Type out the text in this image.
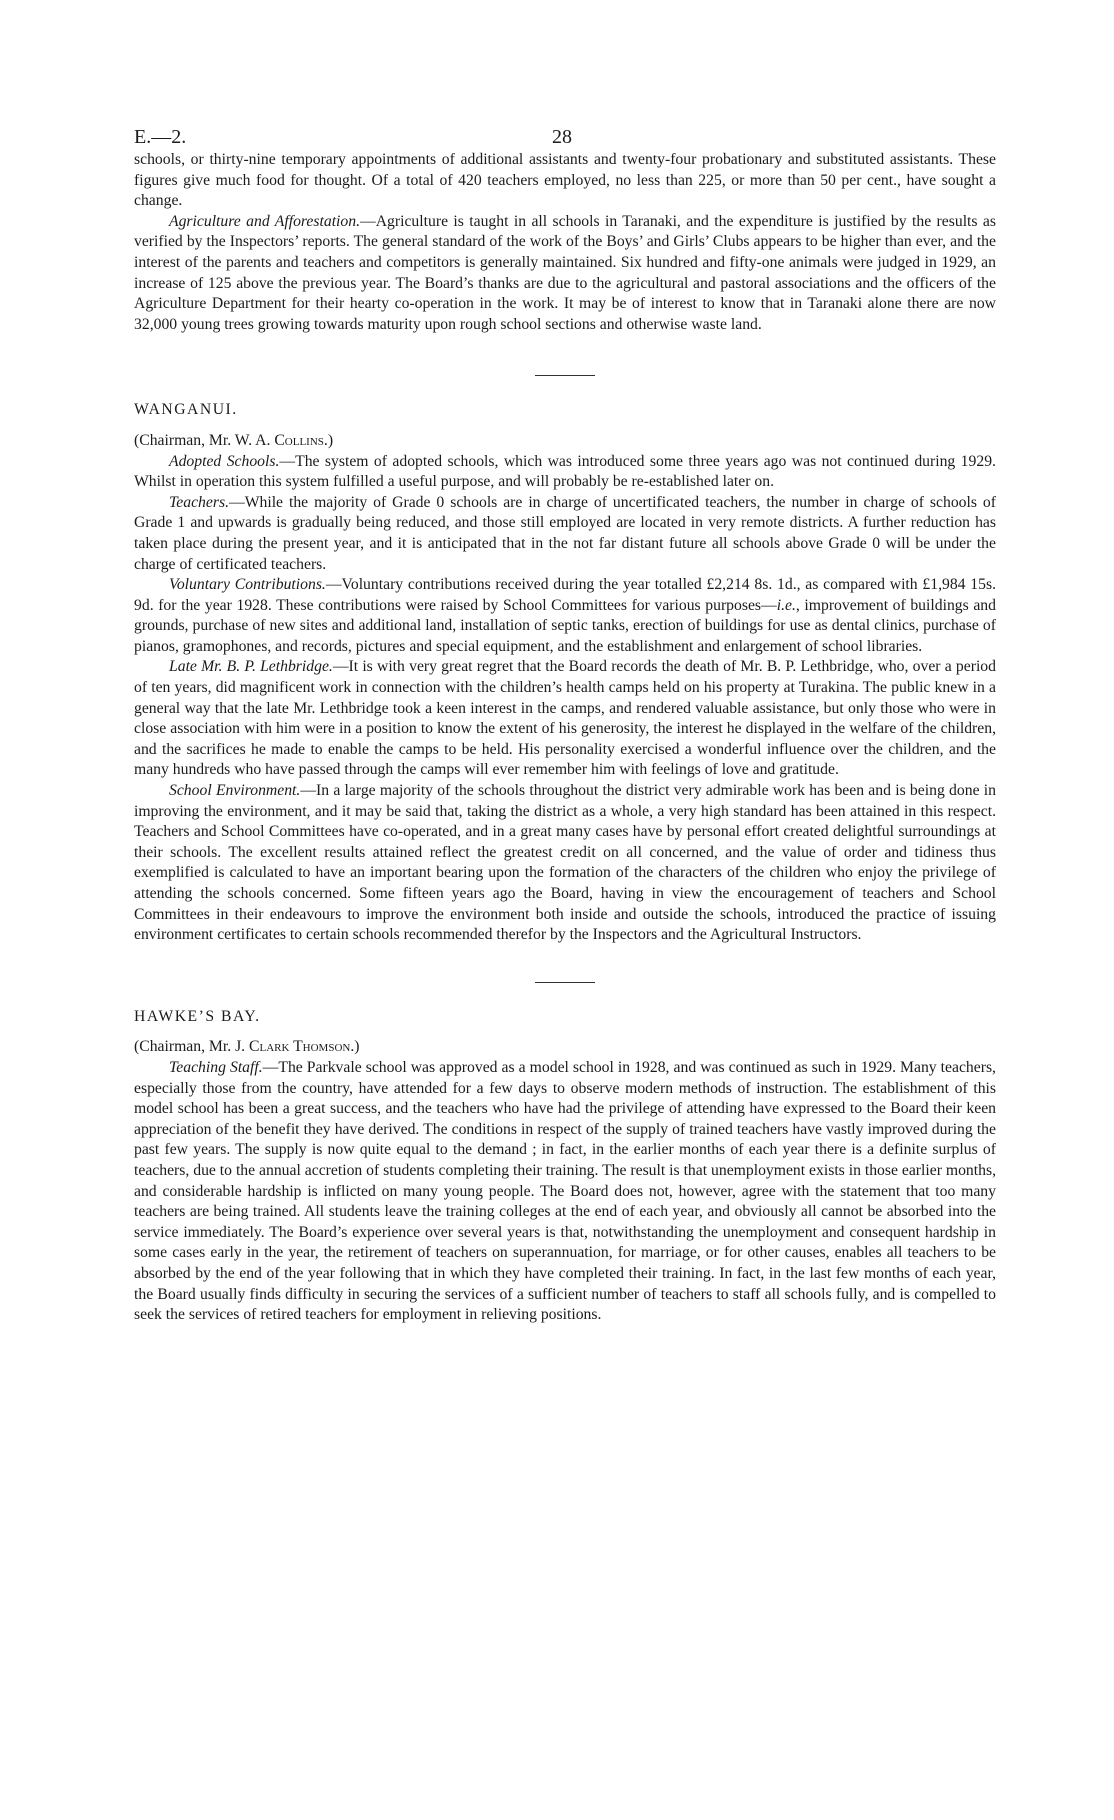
E.—2.	28

schools, or thirty-nine temporary appointments of additional assistants and twenty-four probationary and substituted assistants. These figures give much food for thought. Of a total of 420 teachers employed, no less than 225, or more than 50 per cent., have sought a change.

Agriculture and Afforestation.—Agriculture is taught in all schools in Taranaki, and the expenditure is justified by the results as verified by the Inspectors’ reports. The general standard of the work of the Boys’ and Girls’ Clubs appears to be higher than ever, and the interest of the parents and teachers and competitors is generally maintained. Six hundred and fifty-one animals were judged in 1929, an increase of 125 above the previous year. The Board’s thanks are due to the agricultural and pastoral associations and the officers of the Agriculture Department for their hearty co-operation in the work. It may be of interest to know that in Taranaki alone there are now 32,000 young trees growing towards maturity upon rough school sections and otherwise waste land.

WANGANUI.

(Chairman, Mr. W. A. Collins.)

Adopted Schools.—The system of adopted schools, which was introduced some three years ago was not continued during 1929. Whilst in operation this system fulfilled a useful purpose, and will probably be re-established later on.

Teachers.—While the majority of Grade 0 schools are in charge of uncertificated teachers, the number in charge of schools of Grade 1 and upwards is gradually being reduced, and those still employed are located in very remote districts. A further reduction has taken place during the present year, and it is anticipated that in the not far distant future all schools above Grade 0 will be under the charge of certificated teachers.

Voluntary Contributions.—Voluntary contributions received during the year totalled £2,214 8s. 1d., as compared with £1,984 15s. 9d. for the year 1928. These contributions were raised by School Committees for various purposes—i.e., improvement of buildings and grounds, purchase of new sites and additional land, installation of septic tanks, erection of buildings for use as dental clinics, purchase of pianos, gramophones, and records, pictures and special equipment, and the establishment and enlargement of school libraries.

Late Mr. B. P. Lethbridge.—It is with very great regret that the Board records the death of Mr. B. P. Lethbridge, who, over a period of ten years, did magnificent work in connection with the children’s health camps held on his property at Turakina. The public knew in a general way that the late Mr. Lethbridge took a keen interest in the camps, and rendered valuable assistance, but only those who were in close association with him were in a position to know the extent of his generosity, the interest he displayed in the welfare of the children, and the sacrifices he made to enable the camps to be held. His personality exercised a wonderful influence over the children, and the many hundreds who have passed through the camps will ever remember him with feelings of love and gratitude.

School Environment.—In a large majority of the schools throughout the district very admirable work has been and is being done in improving the environment, and it may be said that, taking the district as a whole, a very high standard has been attained in this respect. Teachers and School Committees have co-operated, and in a great many cases have by personal effort created delightful surroundings at their schools. The excellent results attained reflect the greatest credit on all concerned, and the value of order and tidiness thus exemplified is calculated to have an important bearing upon the formation of the characters of the children who enjoy the privilege of attending the schools concerned. Some fifteen years ago the Board, having in view the encouragement of teachers and School Committees in their endeavours to improve the environment both inside and outside the schools, introduced the practice of issuing environment certificates to certain schools recommended therefor by the Inspectors and the Agricultural Instructors.

HAWKE’S BAY.

(Chairman, Mr. J. Clark Thomson.)

Teaching Staff.—The Parkvale school was approved as a model school in 1928, and was continued as such in 1929. Many teachers, especially those from the country, have attended for a few days to observe modern methods of instruction. The establishment of this model school has been a great success, and the teachers who have had the privilege of attending have expressed to the Board their keen appreciation of the benefit they have derived. The conditions in respect of the supply of trained teachers have vastly improved during the past few years. The supply is now quite equal to the demand ; in fact, in the earlier months of each year there is a definite surplus of teachers, due to the annual accretion of students completing their training. The result is that unemployment exists in those earlier months, and considerable hardship is inflicted on many young people. The Board does not, however, agree with the statement that too many teachers are being trained. All students leave the training colleges at the end of each year, and obviously all cannot be absorbed into the service immediately. The Board’s experience over several years is that, notwithstanding the unemployment and consequent hardship in some cases early in the year, the retirement of teachers on superannuation, for marriage, or for other causes, enables all teachers to be absorbed by the end of the year following that in which they have completed their training. In fact, in the last few months of each year, the Board usually finds difficulty in securing the services of a sufficient number of teachers to staff all schools fully, and is compelled to seek the services of retired teachers for employment in relieving positions.
